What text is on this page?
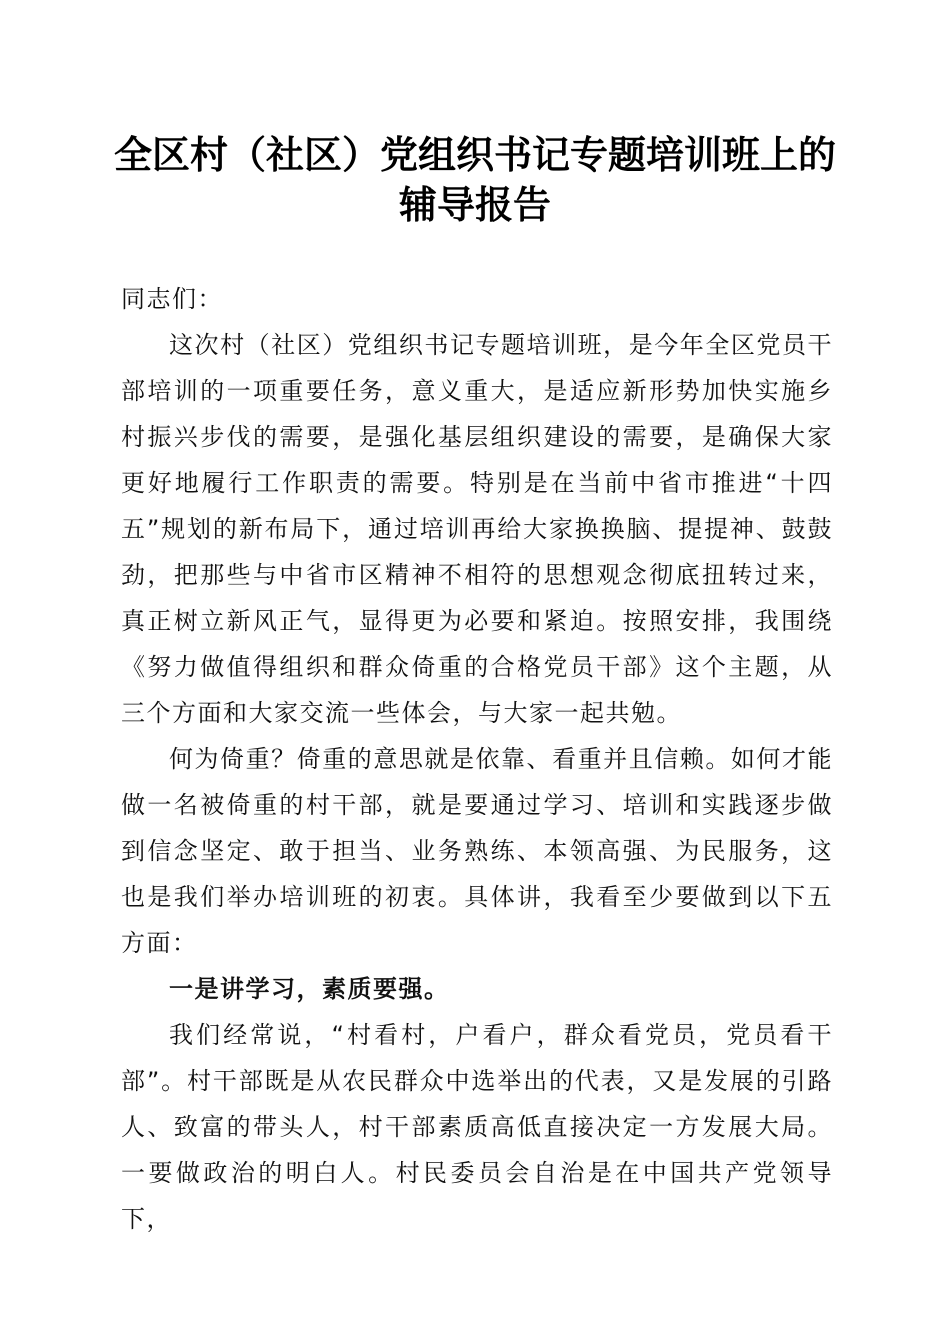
全区村（社区）党组织书记专题培训班上的辅导报告

同志们：

这次村（社区）党组织书记专题培训班，是今年全区党员干部培训的一项重要任务，意义重大，是适应新形势加快实施乡村振兴步伐的需要，是强化基层组织建设的需要，是确保大家更好地履行工作职责的需要。特别是在当前中省市推进“十四五”规划的新布局下，通过培训再给大家换换脑、提提神、鼓鼓劲，把那些与中省市区精神不相符的思想观念彻底扭转过来，真正树立新风正气，显得更为必要和紧迫。按照安排，我围绕《努力做值得组织和群众倚重的合格党员干部》这个主题，从三个方面和大家交流一些体会，与大家一起共勉。

何为倚重？倚重的意思就是依靠、看重并且信赖。如何才能做一名被倚重的村干部，就是要通过学习、培训和实践逐步做到信念坚定、敢于担当、业务熟练、本领高强、为民服务，这也是我们举办培训班的初衷。具体讲，我看至少要做到以下五方面：

一是讲学习，素质要强。

我们经常说，“村看村，户看户，群众看党员，党员看干部”。村干部既是从农民群众中选举出的代表，又是发展的引路人、致富的带头人，村干部素质高低直接决定一方发展大局。一要做政治的明白人。村民委员会自治是在中国共产党领导下，
